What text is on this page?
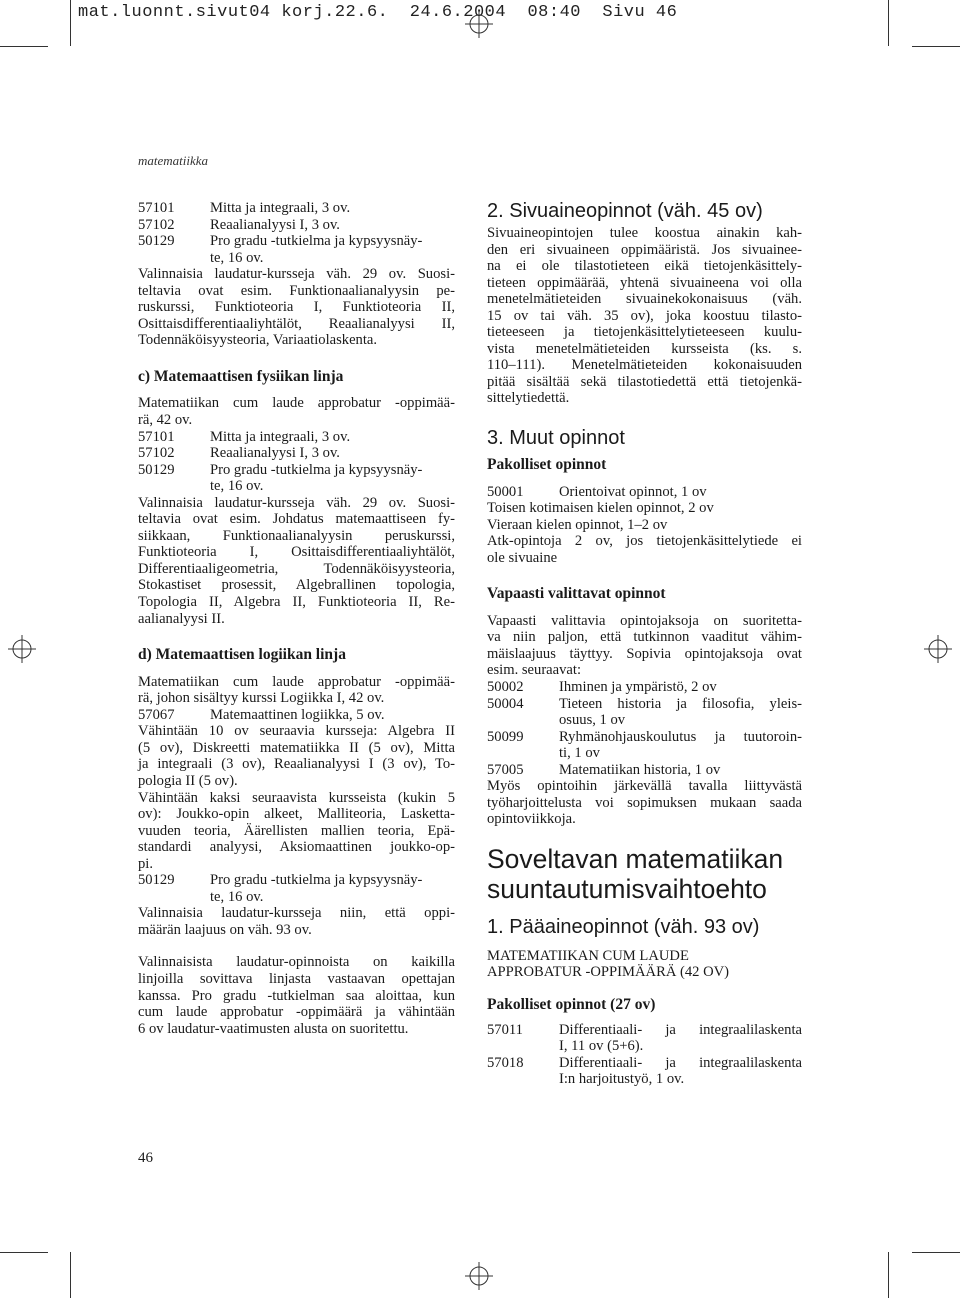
mat.luonnt.sivut04 korj.22.6.  24.6.2004  08:40  Sivu 46
matematiikka
57101	Mitta ja integraali, 3 ov.
57102	Reaalianalyysi I, 3 ov.
50129	Pro gradu -tutkielma ja kypsyysnäy-
te, 16 ov.
Valinnaisia laudatur-kursseja väh. 29 ov. Suosi-
teltavia ovat esim. Funktionaalianalyysin pe-
ruskurssi, Funktioteoria I, Funktioteoria II,
Osittaisdifferentiaaliyhtälöt, Reaalianalyysi II,
Todennäköisyysteoria, Variaatiolaskenta.
c) Matemaattisen fysiikan linja
Matematiikan cum laude approbatur -oppimää-
rä, 42 ov.
57101	Mitta ja integraali, 3 ov.
57102	Reaalianalyysi I, 3 ov.
50129	Pro gradu -tutkielma ja kypsyysnäy-
te, 16 ov.
Valinnaisia laudatur-kursseja väh. 29 ov. Suosi-
teltavia ovat esim. Johdatus matemaattiseen fy-
siikkaan, Funktionaalianalyysin peruskurssi,
Funktioteoria I, Osittaisdifferentiaaliyhtälöt,
Differentiaaligeometria, Todennäköisyysteoria,
Stokastiset prosessit, Algebrallinen topologia,
Topologia II, Algebra II, Funktioteoria II, Re-
aalianalyysi II.
d) Matemaattisen logiikan linja
Matematiikan cum laude approbatur -oppimää-
rä, johon sisältyy kurssi Logiikka I, 42 ov.
57067	Matemaattinen logiikka, 5 ov.
Vähintään 10 ov seuraavia kursseja: Algebra II
(5 ov), Diskreetti matematiikka II (5 ov), Mitta
ja integraali (3 ov), Reaalianalyysi I (3 ov), To-
pologia II (5 ov).
Vähintään kaksi seuraavista kursseista (kukin 5
ov): Joukko-opin alkeet, Malliteoria, Lasketta-
vuuden teoria, Äärellisten mallien teoria, Epä-
standardi analyysi, Aksiomaattinen joukko-op-
pi.
50129	Pro gradu -tutkielma ja kypsyysnäy-
te, 16 ov.
Valinnaisia laudatur-kursseja niin, että oppi-
määrän laajuus on väh. 93 ov.
Valinnaisista laudatur-opinnoista on kaikilla
linjoilla sovittava linjasta vastaavan opettajan
kanssa. Pro gradu -tutkielman saa aloittaa, kun
cum laude approbatur -oppimäärä ja vähintään
6 ov laudatur-vaatimusten alusta on suoritettu.
2. Sivuaineopinnot (väh. 45 ov)
Sivuaineopintojen tulee koostua ainakin kah-
den eri sivuaineen oppimääristä. Jos sivuainee-
na ei ole tilastotieteen eikä tietojenkäsittely-
tieteen oppimäärää, yhtenä sivuaineena voi olla
menetelmätieteiden sivuainekokonaisuus (väh.
15 ov tai väh. 35 ov), joka koostuu tilasto-
tieteeseen ja tietojenkäsittelytieteeseen kuulu-
vista menetelmätieteiden kursseista (ks. s.
110–111). Menetelmätieteiden kokonaisuuden
pitää sisältää sekä tilastotiedettä että tietojenkä-
sittelytiedettä.
3. Muut opinnot
Pakolliset opinnot
50001	Orientoivat opinnot, 1 ov
Toisen kotimaisen kielen opinnot, 2 ov
Vieraan kielen opinnot, 1–2 ov
Atk-opintoja 2 ov, jos tietojenkäsittelytiede ei
ole sivuaine
Vapaasti valittavat opinnot
Vapaasti valittavia opintojaksoja on suoritetta-
va niin paljon, että tutkinnon vaaditut vähim-
mäislaajuus täyttyy. Sopivia opintojaksoja ovat
esim. seuraavat:
50002	Ihminen ja ympäristö, 2 ov
50004	Tieteen historia ja filosofia, yleis-
osuus, 1 ov
50099	Ryhmänohjauskoulutus ja tuutoroin-
ti, 1 ov
57005	Matematiikan historia, 1 ov
Myös opintoihin järkevällä tavalla liittyvästä
työharjoittelusta voi sopimuksen mukaan saada
opintoviikkoja.
Soveltavan matematiikan
suuntautumisvaihtoehto
1. Pääaineopinnot (väh. 93 ov)
MATEMATIIKAN CUM LAUDE
APPROBATUR -OPPIMÄÄRÄ (42 OV)
Pakolliset opinnot (27 ov)
57011	Differentiaali- ja integraalilaskenta
I, 11 ov (5+6).
57018	Differentiaali- ja integraalilaskenta
I:n harjoitustyö, 1 ov.
46
